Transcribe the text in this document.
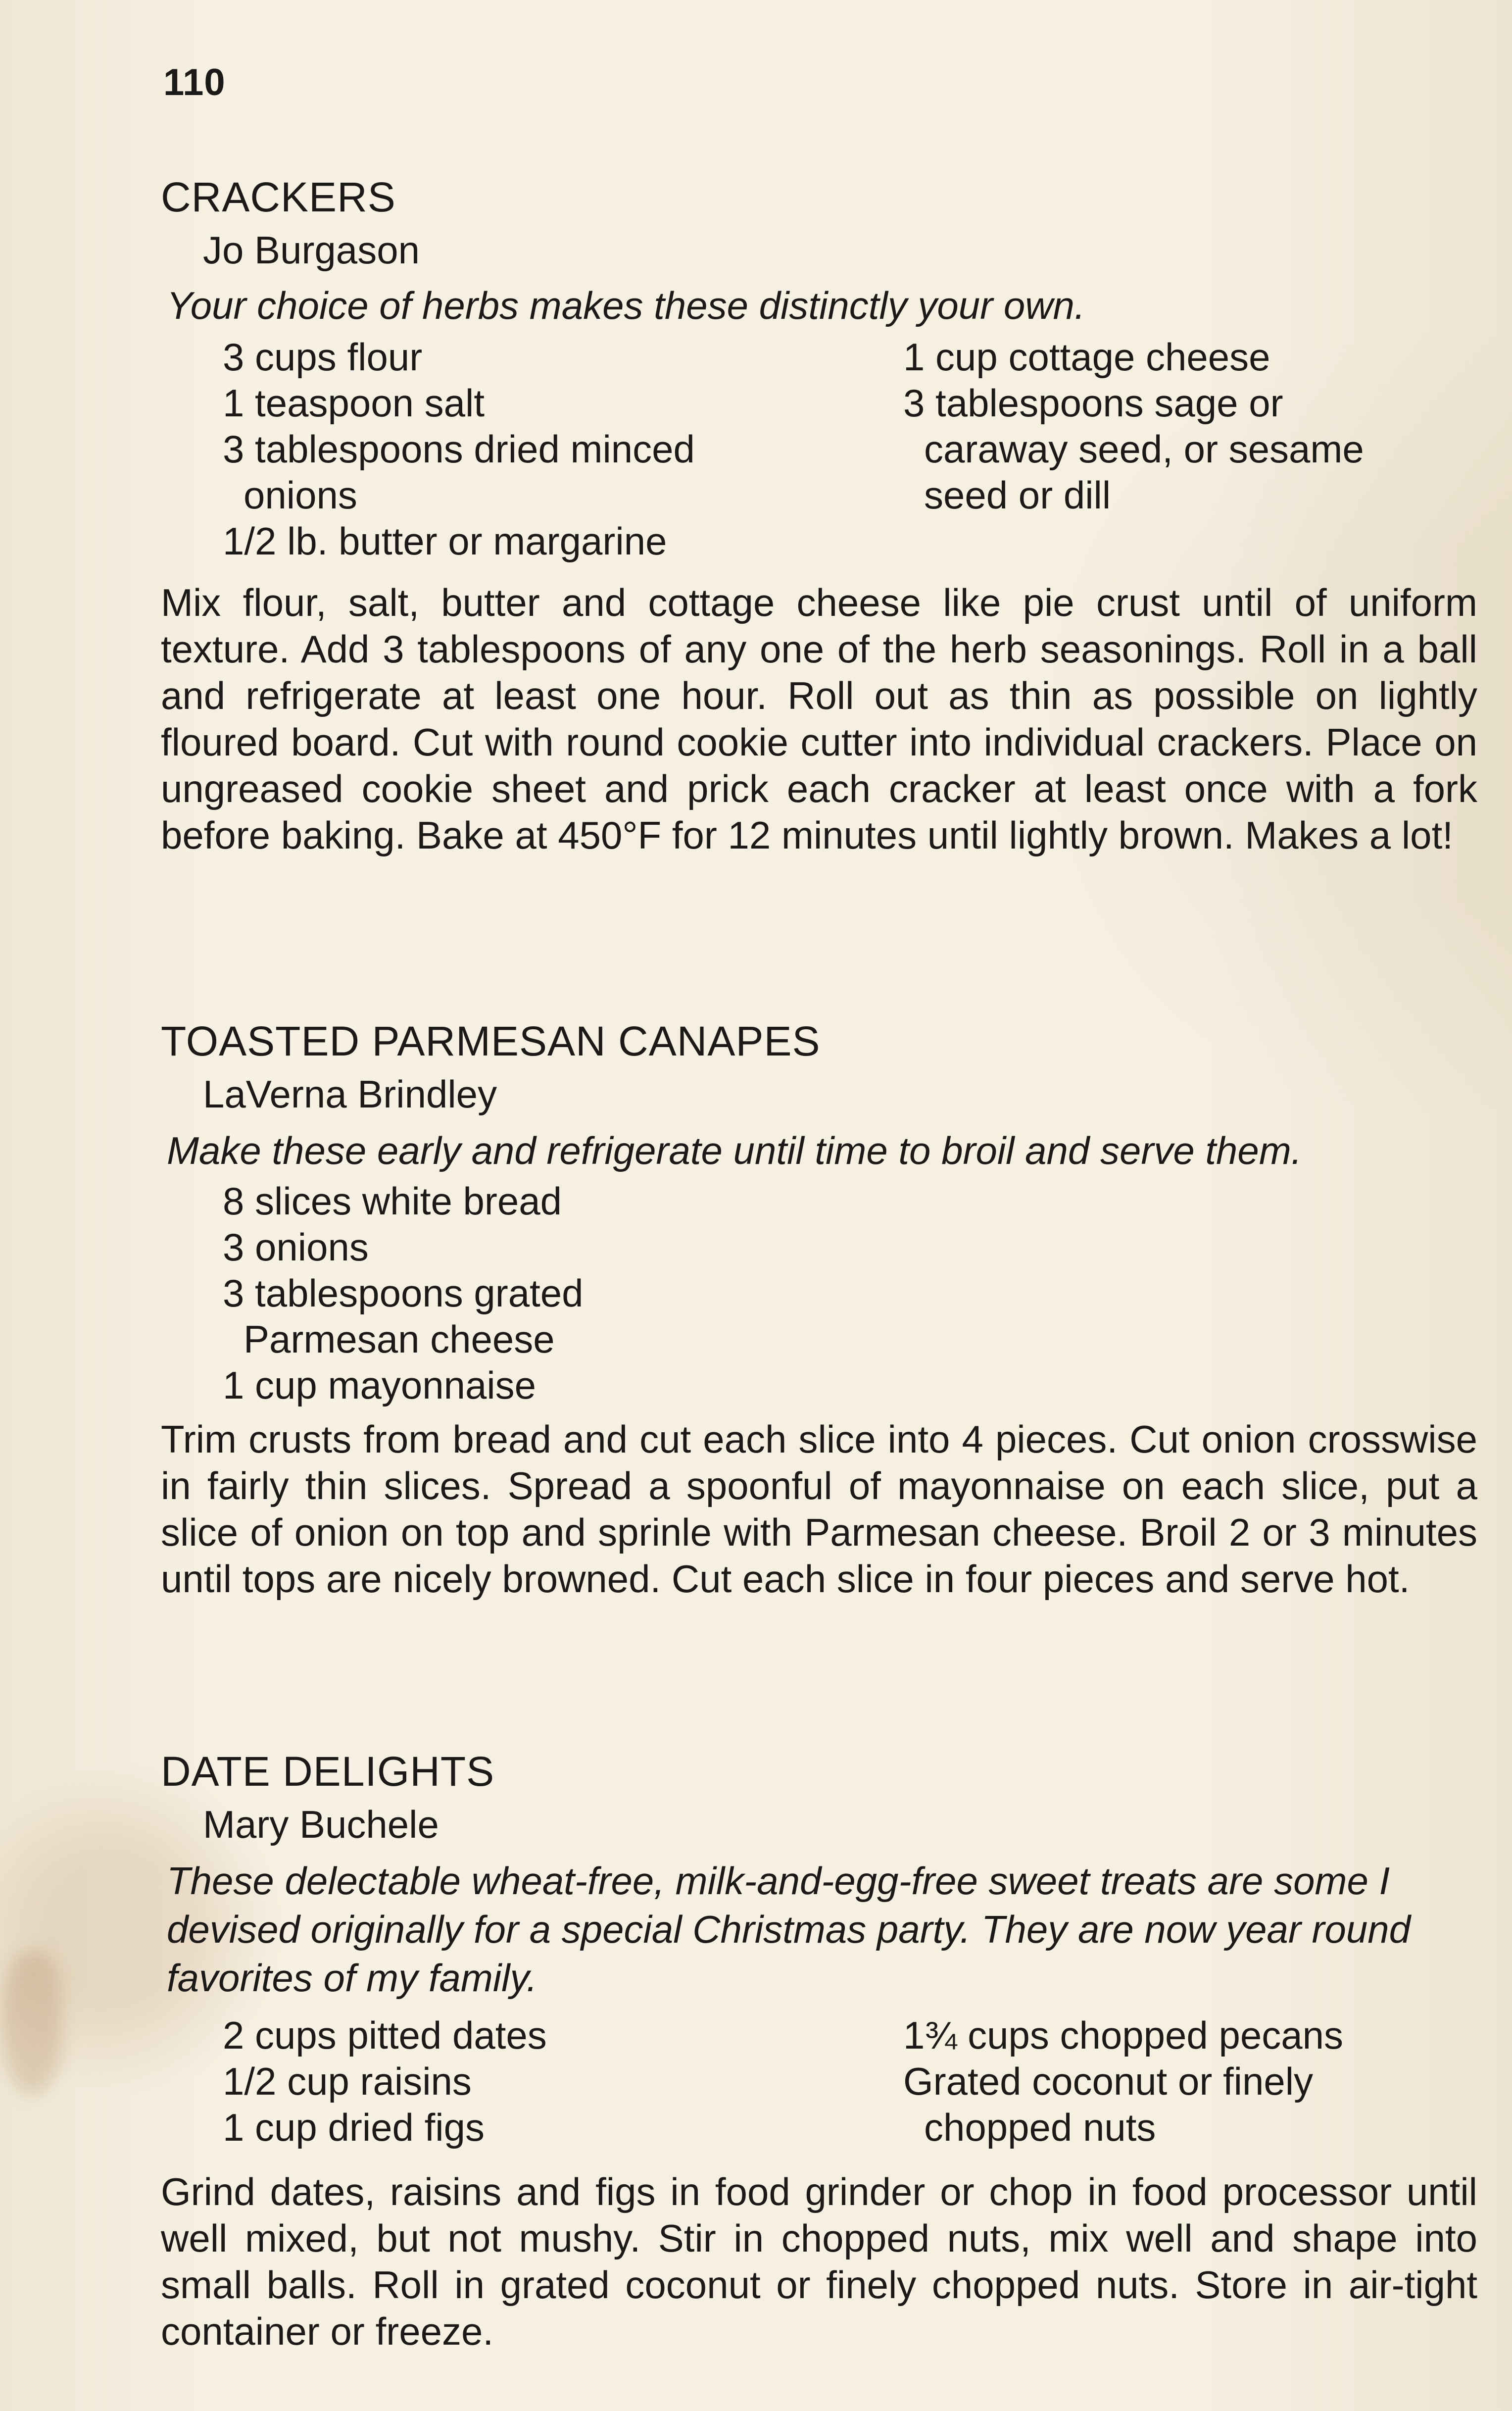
110
CRACKERS
Jo Burgason
Your choice of herbs makes these distinctly your own.
3 cups flour
1 teaspoon salt
3 tablespoons dried minced
onions
1/2 lb. butter or margarine
1 cup cottage cheese
3 tablespoons sage or
caraway seed, or sesame
seed or dill
Mix flour, salt, butter and cottage cheese like pie crust until of uniform texture. Add 3 tablespoons of any one of the herb seasonings. Roll in a ball and refrigerate at least one hour. Roll out as thin as possible on lightly floured board. Cut with round cookie cutter into individual crackers. Place on ungreased cookie sheet and prick each cracker at least once with a fork before baking. Bake at 450°F for 12 minutes until lightly brown. Makes a lot!
TOASTED PARMESAN CANAPES
LaVerna Brindley
Make these early and refrigerate until time to broil and serve them.
8 slices white bread
3 onions
3 tablespoons grated
Parmesan cheese
1 cup mayonnaise
Trim crusts from bread and cut each slice into 4 pieces. Cut onion crosswise in fairly thin slices. Spread a spoonful of mayonnaise on each slice, put a slice of onion on top and sprinle with Parmesan cheese. Broil 2 or 3 minutes until tops are nicely browned. Cut each slice in four pieces and serve hot.
DATE DELIGHTS
Mary Buchele
These delectable wheat-free, milk-and-egg-free sweet treats are some I devised originally for a special Christmas party. They are now year round favorites of my family.
2 cups pitted dates
1/2 cup raisins
1 cup dried figs
1¾ cups chopped pecans
Grated coconut or finely
chopped nuts
Grind dates, raisins and figs in food grinder or chop in food processor until well mixed, but not mushy. Stir in chopped nuts, mix well and shape into small balls. Roll in grated coconut or finely chopped nuts. Store in air-tight container or freeze.
